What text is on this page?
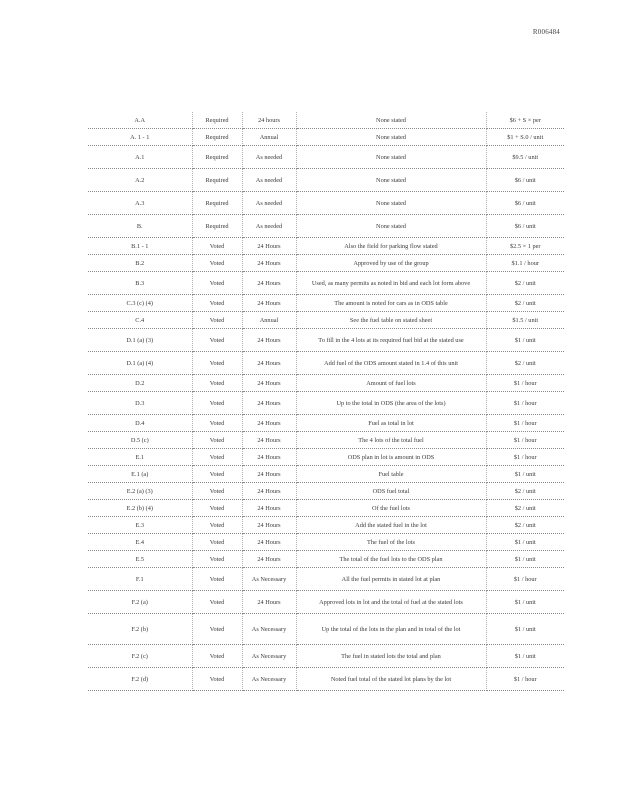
R006484
A.A	Required	24 hours	None stated	$6 + S × per
A. 1 - 1	Required	Annual	None stated	$1 + S.0 / unit
A.1	Required	As needed	None stated	$9.5 / unit
A.2	Required	As needed	None stated	$6 / unit
A.3	Required	As needed	None stated	$6 / unit
B.	Required	As needed	None stated	$6 / unit
B.1 - 1	Voted	24 Hours	Also the field for parking flow stated	$2.5 × 1 per
B.2	Voted	24 Hours	Approved by use of the group	$1.1 / hour
B.3	Voted	24 Hours	Used, as many permits as noted in bid and each lot form above	$2 / unit
C.3 (c) (4)	Voted	24 Hours	The amount is noted for cars as in ODS table	$2 / unit
C.4	Voted	Annual	See the fuel table on stated sheet	$1.5 / unit
D.1 (a) (3)	Voted	24 Hours	To fill in the 4 lots at its required fuel bid at the stated use	$1 / unit
D.1 (a) (4)	Voted	24 Hours	Add fuel of the ODS amount stated in 1.4 of this unit	$2 / unit
D.2	Voted	24 Hours	Amount of fuel lots	$1 / hour
D.3	Voted	24 Hours	Up to the total in ODS (the area of the lots)	$1 / hour
D.4	Voted	24 Hours	Fuel as total in lot	$1 / hour
D.5 (c)	Voted	24 Hours	The 4 lots of the total fuel	$1 / hour
E.1	Voted	24 Hours	ODS plan in lot is amount in ODS	$1 / hour
E.1 (a)	Voted	24 Hours	Fuel table	$1 / unit
E.2 (a) (3)	Voted	24 Hours	ODS fuel total	$2 / unit
E.2 (b) (4)	Voted	24 Hours	Of the fuel lots	$2 / unit
E.3	Voted	24 Hours	Add the stated fuel in the lot	$2 / unit
E.4	Voted	24 Hours	The fuel of the lots	$1 / unit
E.5	Voted	24 Hours	The total of the fuel lots to the ODS plan	$1 / unit
F.1	Voted	As Necessary	All the fuel permits in stated lot at plan	$1 / hour
F.2 (a)	Voted	24 Hours	Approved lots in lot and the total of fuel at the stated lots	$1 / unit
F.2 (b)	Voted	As Necessary	Up the total of the lots in the plan and in total of the lot	$1 / unit
F.2 (c)	Voted	As Necessary	The fuel in stated lots the total and plan	$1 / unit
F.2 (d)	Voted	As Necessary	Noted fuel total of the stated lot plans by the lot	$1 / hour
